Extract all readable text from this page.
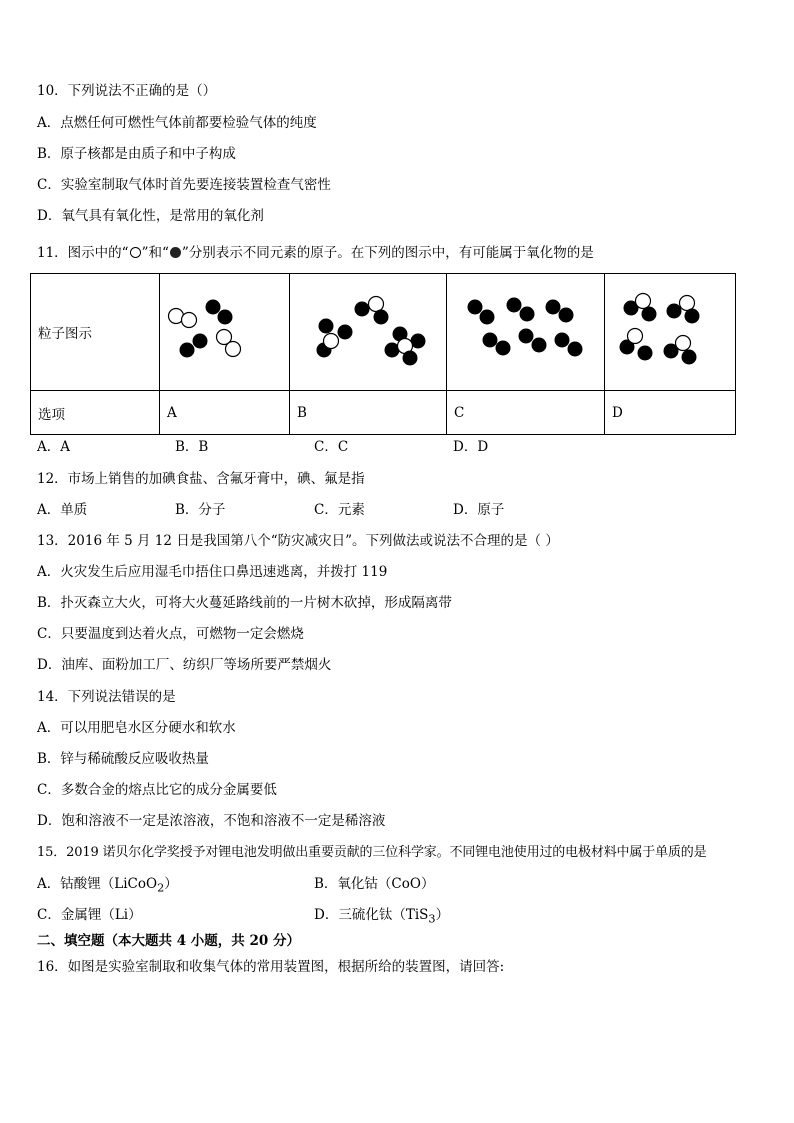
10．下列说法不正确的是（）
A．点燃任何可燃性气体前都要检验气体的纯度
B．原子核都是由质子和中子构成
C．实验室制取气体时首先要连接装置检查气密性
D．氧气具有氧化性，是常用的氧化剂
11．图示中的“ ”和“ ”分别表示不同元素的原子。在下列的图示中，有可能属于氧化物的是
粒子图示				
选项	A	B	C	D
A．A	B．B	C．C	D．D
12．市场上销售的加碘食盐、含氟牙膏中，碘、氟是指
A．单质	B．分子	C．元素	D．原子
13．2016 年 5 月 12 日是我国第八个“防灾减灾日”。下列做法或说法不合理的是（ ）
A．火灾发生后应用湿毛巾捂住口鼻迅速逃离，并拨打 119
B．扑灭森立大火，可将大火蔓延路线前的一片树木砍掉，形成隔离带
C．只要温度到达着火点，可燃物一定会燃烧
D．油库、面粉加工厂、纺织厂等场所要严禁烟火
14．下列说法错误的是
A．可以用肥皂水区分硬水和软水
B．锌与稀硫酸反应吸收热量
C．多数合金的熔点比它的成分金属要低
D．饱和溶液不一定是浓溶液，不饱和溶液不一定是稀溶液
15．2019 诺贝尔化学奖授予对锂电池发明做出重要贡献的三位科学家。不同锂电池使用过的电极材料中属于单质的是
A．钴酸锂（LiCoO$_2$）	B．氧化钴（CoO）
C．金属锂（Li）	D．三硫化钛（TiS$_3$）
二、填空题（本大题共 4 小题，共 20 分）
16．如图是实验室制取和收集气体的常用装置图，根据所给的装置图，请回答:
